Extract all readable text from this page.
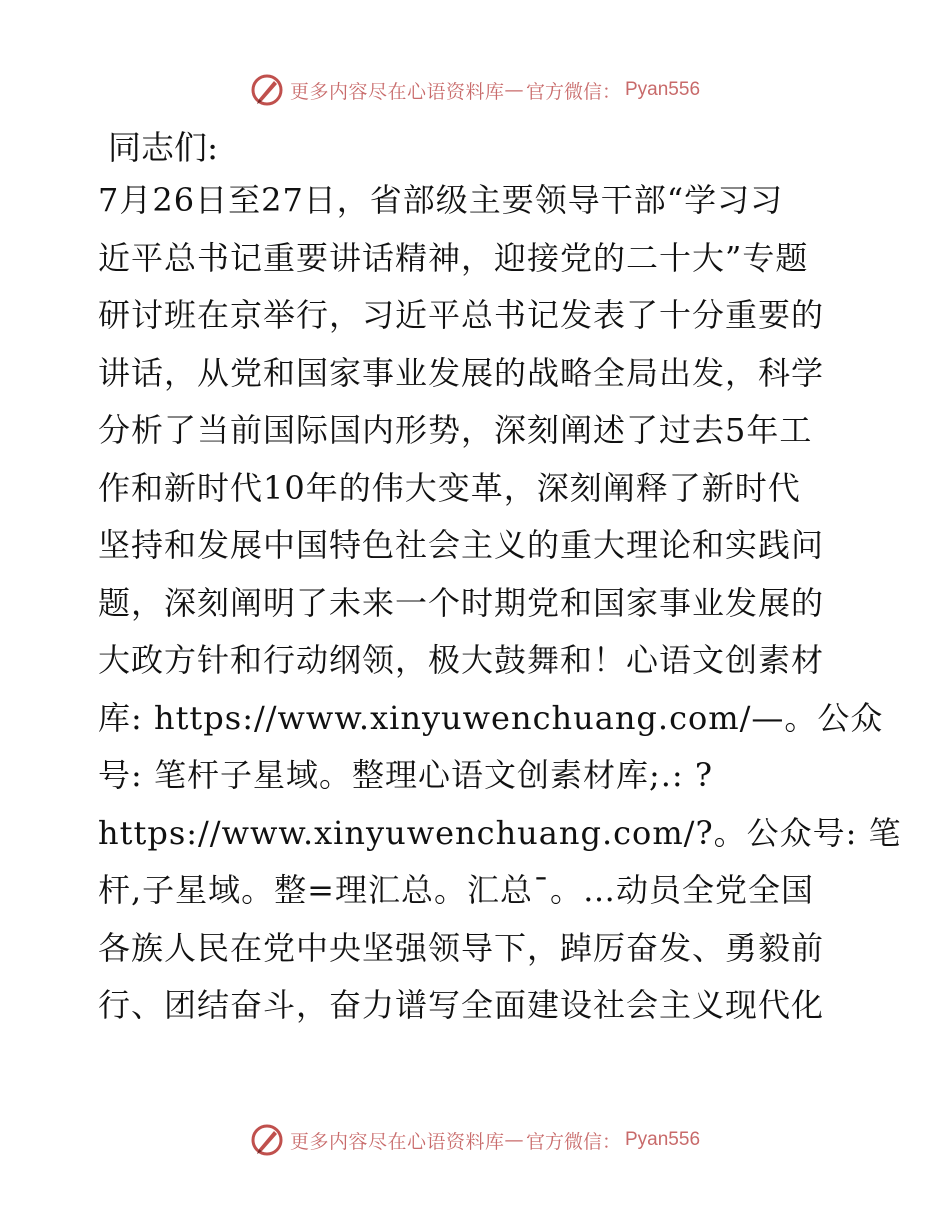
更多内容尽在心语资料库 — 官方微信： Pyan556
同志们:
7月26日至27日，省部级主要领导干部“学习习
近平总书记重要讲话精神，迎接党的二十大”专题
研讨班在京举行，习近平总书记发表了十分重要的
讲话，从党和国家事业发展的战略全局出发，科学
分析了当前国际国内形势，深刻阐述了过去5年工
作和新时代10年的伟大变革，深刻阐释了新时代
坚持和发展中国特色社会主义的重大理论和实践问
题，深刻阐明了未来一个时期党和国家事业发展的
大政方针和行动纲领，极大鼓舞和！心语文创素材
库: https://www.xinyuwenchuang.com/—。公众
号: 笔杆子星域。整理心语文创素材库;.: ?
https://www.xinyuwenchuang.com/?。公众号: 笔
杆,子星域。整=理汇总。汇总¯。…动员全党全国
各族人民在党中央坚强领导下，踔厉奋发、勇毅前
行、团结奋斗，奋力谱写全面建设社会主义现代化
更多内容尽在心语资料库 — 官方微信： Pyan556
